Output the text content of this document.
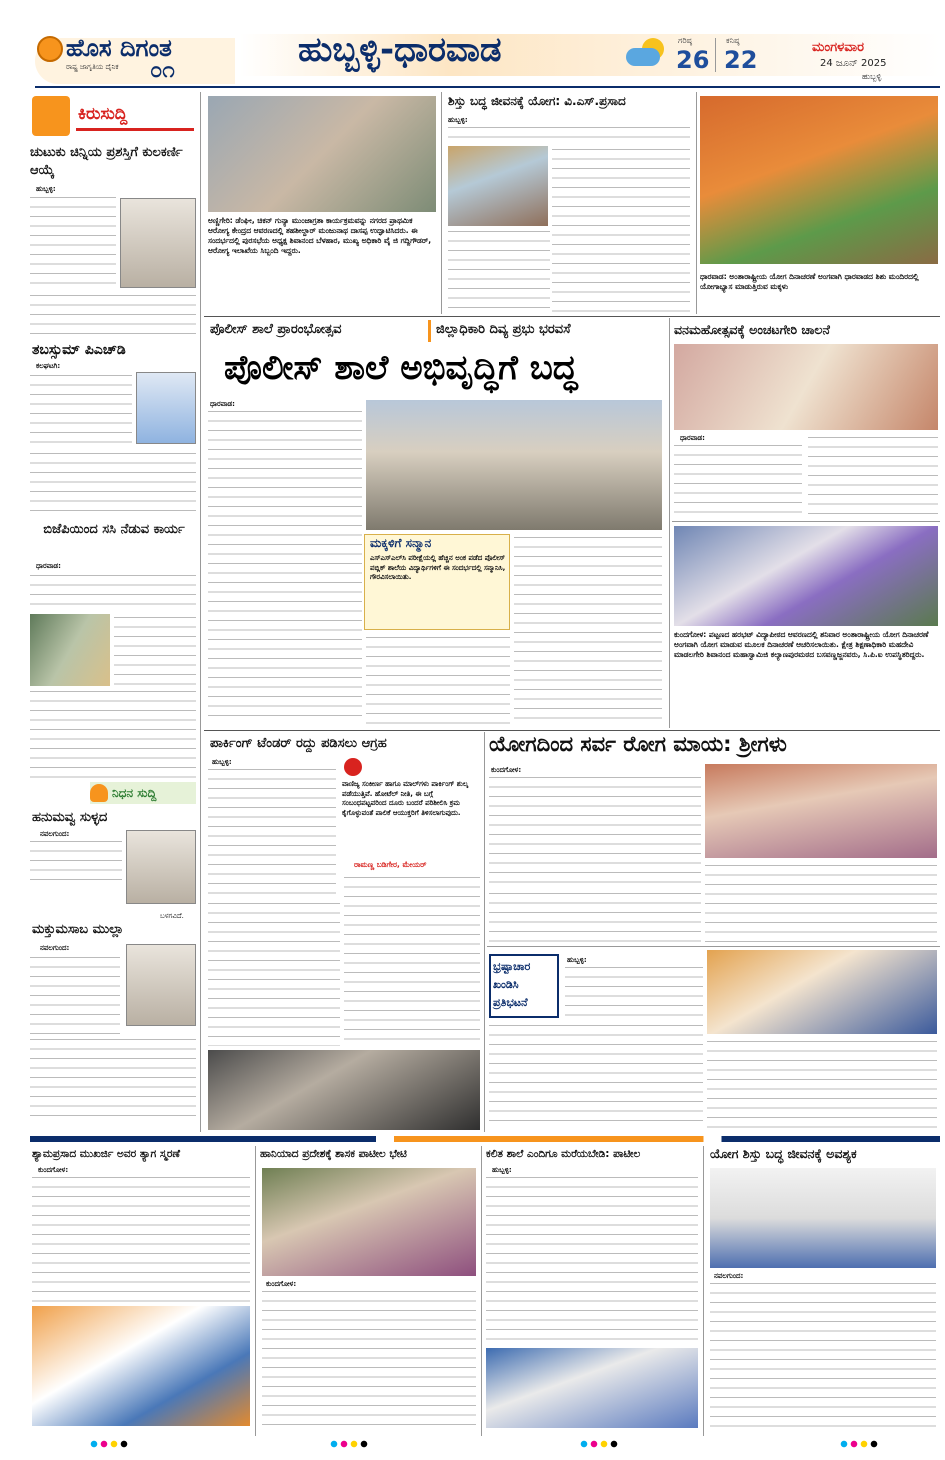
ಹೊಸ ದಿಗಂತ
ರಾಷ್ಟ್ರ ಜಾಗೃತಿಯ ದೈನಿಕ ೦೧
ಹುಬ್ಬಳ್ಳಿ-ಧಾರವಾಡ	ಗರಿಷ್ಠ
26
ಕನಿಷ್ಠ
22	ಮಂಗಳವಾರ
24 ಜೂನ್ 2025
ಹುಬ್ಬಳ್ಳಿ
ಕಿರುಸುದ್ದಿ
ಚುಟುಕು ಚಿನ್ನಿಯ ಪ್ರಶಸ್ತಿಗೆ ಕುಲಕರ್ಣಿ ಆಯ್ಕೆ
ಹುಬ್ಬಳ್ಳಿ:
ತಬಸ್ಸುಮ್ ಪಿಎಚ್‌ಡಿ
ಕಲಘಟಗಿ:
ಬಿಜೆಪಿಯಿಂದ ಸಸಿ ನೆಡುವ ಕಾರ್ಯ
ಧಾರವಾಡ:
ನಿಧನ ಸುದ್ದಿ
ಹನುಮವ್ವ ಸುಳ್ಳದ
ನವಲಗುಂದ:
ಬಳಗವಿದೆ.
ಮಕ್ತುಮಸಾಬ ಮುಲ್ಲಾ
ನವಲಗುಂದ:
ಅಣ್ಣಿಗೇರಿ: ಡೆಂಘೀ, ಚಿಕನ್ ಗುನ್ಯಾ ಮುಂಜಾಗ್ರತಾ ಕಾರ್ಯಕ್ರಮವನ್ನು ನಗರದ ಪ್ರಾಥಮಿಕ ಆರೋಗ್ಯ ಕೇಂದ್ರದ ಆವರಣದಲ್ಲಿ ತಹಶೀಲ್ದಾರ್ ಮಂಜುನಾಥ ದಾಸಪ್ಪ ಉದ್ಘಾಟಿಸಿದರು. ಈ ಸಂದರ್ಭದಲ್ಲಿ ಪುರಸಭೆಯ ಅಧ್ಯಕ್ಷ ಶಿವಾನಂದ ಬೆಳಹಾರ, ಮುಖ್ಯ ಅಧಿಕಾರಿ ವೈ ಜಿ ಗದ್ದಿಗೌಡರ್, ಆರೋಗ್ಯ ಇಲಾಖೆಯ ಸಿಬ್ಬಂದಿ ಇದ್ದರು.
ಶಿಸ್ತು ಬದ್ಧ ಜೀವನಕ್ಕೆ ಯೋಗ: ವಿ.ಎಸ್.ಪ್ರಸಾದ
ಹುಬ್ಬಳ್ಳಿ:
ಧಾರವಾಡ: ಅಂತಾರಾಷ್ಟ್ರೀಯ ಯೋಗ ದಿನಾಚರಣೆ ಅಂಗವಾಗಿ ಧಾರವಾಡದ ಶಿಶು ಮಂದಿರದಲ್ಲಿ ಯೋಗಾಭ್ಯಾಸ ಮಾಡುತ್ತಿರುವ ಮಕ್ಕಳು
ಪೊಲೀಸ್ ಶಾಲೆ ಪ್ರಾರಂಭೋತ್ಸವ	ಜಿಲ್ಲಾಧಿಕಾರಿ ದಿವ್ಯ ಪ್ರಭು ಭರವಸೆ
ಪೊಲೀಸ್ ಶಾಲೆ ಅಭಿವೃದ್ಧಿಗೆ ಬದ್ಧ
ಧಾರವಾಡ:
ಮಕ್ಕಳಿಗೆ ಸನ್ಮಾನ
ಎಸ್ಎಸ್‌ಎಲ್‌ಸಿ ಪರೀಕ್ಷೆಯಲ್ಲಿ ಹೆಚ್ಚಿನ ಅಂಕ ಪಡೆದ ಪೊಲೀಸ್ ಪಬ್ಲಿಕ್ ಶಾಲೆಯ ವಿದ್ಯಾರ್ಥಿಗಳಿಗೆ ಈ ಸಂದರ್ಭದಲ್ಲಿ ಸನ್ಮಾನಿಸಿ, ಗೌರವಿಸಲಾಯಿತು.
ವನಮಹೋತ್ಸವಕ್ಕೆ ಅಂಚಟಗೇರಿ ಚಾಲನೆ
ಧಾರವಾಡ:
ಕುಂದಗೋಳ: ಪಟ್ಟಣದ ಹರಭಟ್ ವಿದ್ಯಾಪೀಠದ ಆವರಣದಲ್ಲಿ ಶನಿವಾರ ಅಂತಾರಾಷ್ಟ್ರೀಯ ಯೋಗ ದಿನಾಚರಣೆ ಅಂಗವಾಗಿ ಯೋಗ ಮಾಡುವ ಮೂಲಕ ದಿನಾಚರಣೆ ಆಚರಿಸಲಾಯಿತು. ಕ್ಷೇತ್ರ ಶಿಕ್ಷಣಾಧಿಕಾರಿ ಮಹದೇವಿ ಮಾಡಲಗೇರಿ ಶಿವಾನಂದ ಮಹಾಸ್ವಾಮಿಜಿ ಕಲ್ಯಾಣಪುರಮಠದ ಬಸವಣ್ಣಜ್ಜನವರು, ಸಿ.ಪಿ.ಐ ಉಪಸ್ಥಿತರಿದ್ದರು.
ಪಾರ್ಕಿಂಗ್ ಟೆಂಡರ್ ರದ್ದು ಪಡಿಸಲು ಆಗ್ರಹ
ಹುಬ್ಬಳ್ಳಿ:
ವಾಣಿಜ್ಯ ಸಂಕೀರ್ಣ ಹಾಗೂ ಮಾಲ್‌ಗಳು ಪಾರ್ಕಿಂಗ್ ಶುಲ್ಕ ಪಡೆಯುತ್ತಿವೆ. ಹೋಟೆಲ್ ನೀತಿ, ಈ ಬಗ್ಗೆ ಸಂಬಂಧಪಟ್ಟವರಿಂದ ದೂರು ಬಂದರೆ ಪರಿಶೀಲಿಸಿ ಕ್ರಮ ಕೈಗೊಳ್ಳುವಂತೆ ಪಾಲಿಕೆ ಆಯುಕ್ತರಿಗೆ ತಿಳಿಸಲಾಗುವುದು.
ರಾಮಣ್ಣ ಬಡಿಗೇರ, ಮೇಯರ್
ಯೋಗದಿಂದ ಸರ್ವ ರೋಗ ಮಾಯ: ಶ್ರೀಗಳು
ಕುಂದಗೋಳ:
ಭ್ರಷ್ಟಾಚಾರ ಖಂಡಿಸಿ ಪ್ರತಿಭಟನೆ
ಹುಬ್ಬಳ್ಳಿ:
ಶ್ಯಾಮಪ್ರಸಾದ ಮುಖರ್ಜಿ ಅವರ ತ್ಯಾಗ ಸ್ಮರಣೆ
ಕುಂದಗೋಳ:
ಹಾನಿಯಾದ ಪ್ರದೇಶಕ್ಕೆ ಶಾಸಕ ಪಾಟೀಲ ಭೇಟಿ
ಕುಂದಗೋಳ:
ಕಲಿತ ಶಾಲೆ ಎಂದಿಗೂ ಮರೆಯಬೇಡಿ: ಪಾಟೀಲ
ಹುಬ್ಬಳ್ಳಿ:
ಯೋಗ ಶಿಸ್ತು ಬದ್ಧ ಜೀವನಕ್ಕೆ ಅವಶ್ಯಕ
ನವಲಗುಂದ:
